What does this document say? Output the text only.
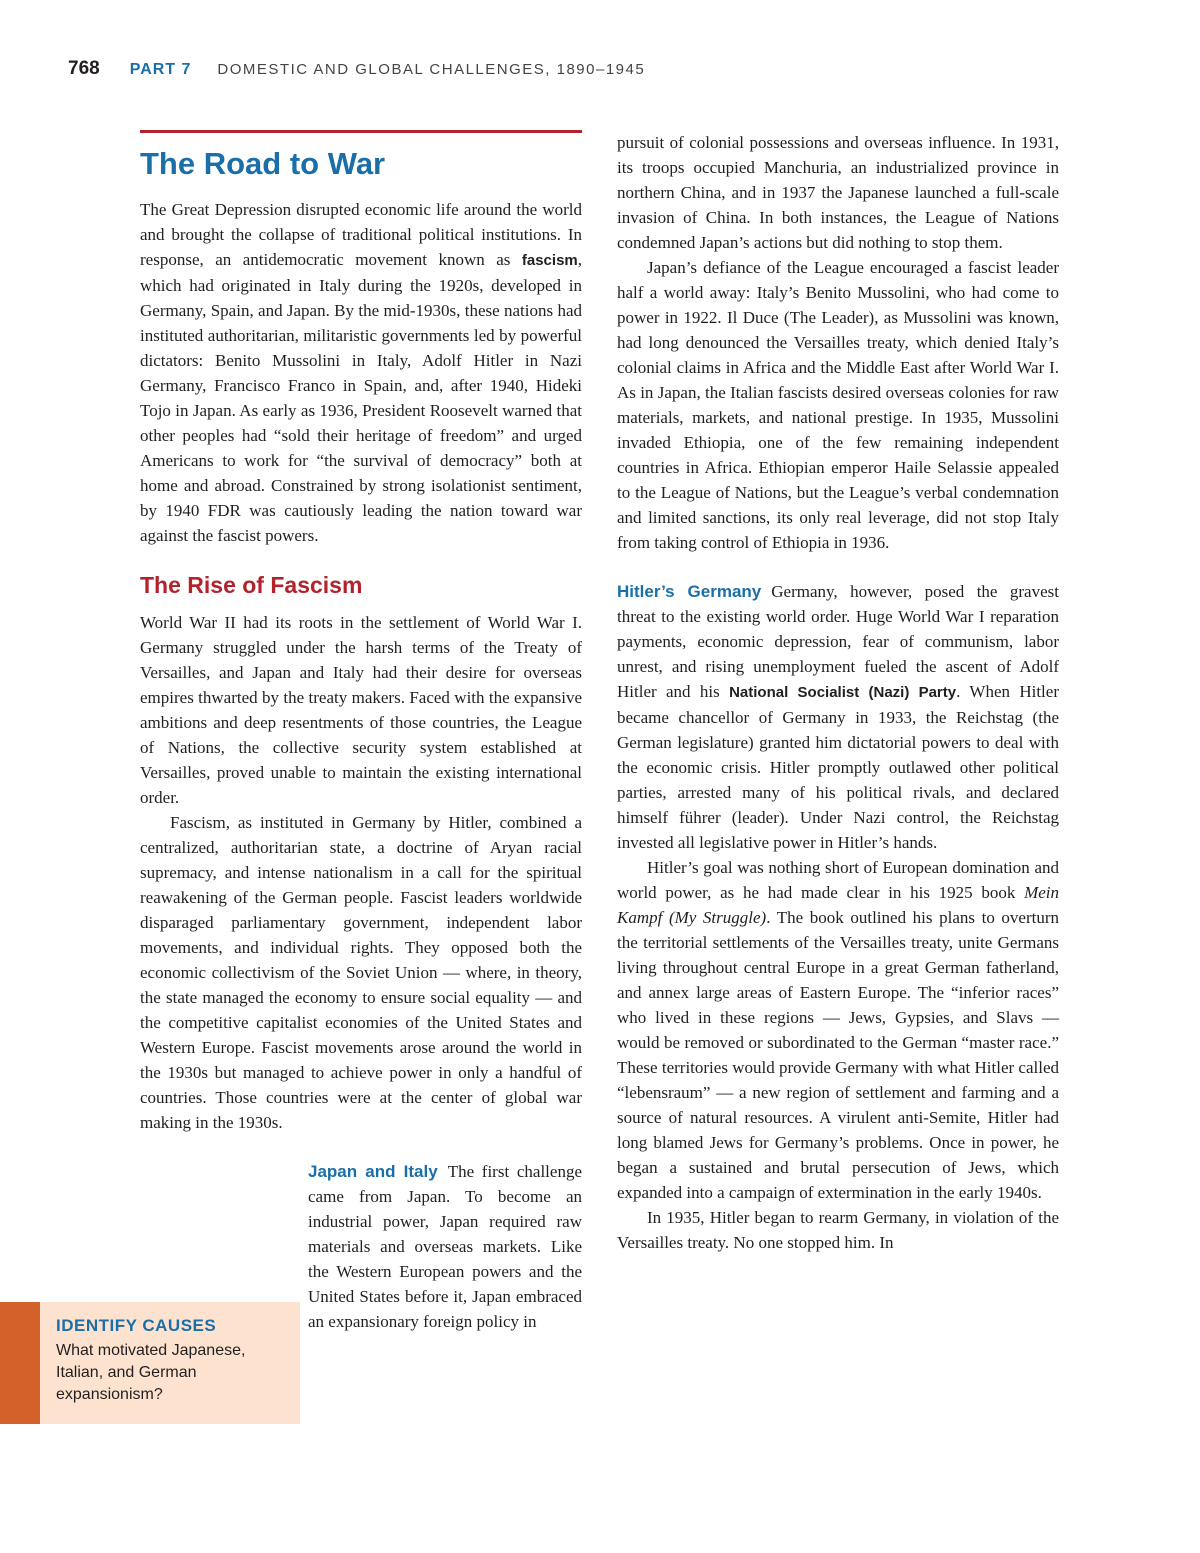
768 PART 7 DOMESTIC AND GLOBAL CHALLENGES, 1890–1945
The Road to War

The Great Depression disrupted economic life around the world and brought the collapse of traditional political institutions. In response, an antidemocratic movement known as fascism, which had originated in Italy during the 1920s, developed in Germany, Spain, and Japan. By the mid-1930s, these nations had instituted authoritarian, militaristic governments led by powerful dictators: Benito Mussolini in Italy, Adolf Hitler in Nazi Germany, Francisco Franco in Spain, and, after 1940, Hideki Tojo in Japan. As early as 1936, President Roosevelt warned that other peoples had “sold their heritage of freedom” and urged Americans to work for “the survival of democracy” both at home and abroad. Constrained by strong isolationist sentiment, by 1940 FDR was cautiously leading the nation toward war against the fascist powers.

The Rise of Fascism

World War II had its roots in the settlement of World War I. Germany struggled under the harsh terms of the Treaty of Versailles, and Japan and Italy had their desire for overseas empires thwarted by the treaty makers. Faced with the expansive ambitions and deep resentments of those countries, the League of Nations, the collective security system established at Versailles, proved unable to maintain the existing international order.

Fascism, as instituted in Germany by Hitler, combined a centralized, authoritarian state, a doctrine of Aryan racial supremacy, and intense nationalism in a call for the spiritual reawakening of the German people. Fascist leaders worldwide disparaged parliamentary government, independent labor movements, and individual rights. They opposed both the economic collectivism of the Soviet Union — where, in theory, the state managed the economy to ensure social equality — and the competitive capitalist economies of the United States and Western Europe. Fascist movements arose around the world in the 1930s but managed to achieve power in only a handful of countries. Those countries were at the center of global war making in the 1930s.

Japan and Italy The first challenge came from Japan. To become an industrial power, Japan required raw materials and overseas markets. Like the Western European powers and the United States before it, Japan embraced an expansionary foreign policy in

IDENTIFY CAUSES
What motivated Japanese, Italian, and German expansionism?

pursuit of colonial possessions and overseas influence. In 1931, its troops occupied Manchuria, an industrialized province in northern China, and in 1937 the Japanese launched a full-scale invasion of China. In both instances, the League of Nations condemned Japan’s actions but did nothing to stop them.

Japan’s defiance of the League encouraged a fascist leader half a world away: Italy’s Benito Mussolini, who had come to power in 1922. Il Duce (The Leader), as Mussolini was known, had long denounced the Versailles treaty, which denied Italy’s colonial claims in Africa and the Middle East after World War I. As in Japan, the Italian fascists desired overseas colonies for raw materials, markets, and national prestige. In 1935, Mussolini invaded Ethiopia, one of the few remaining independent countries in Africa. Ethiopian emperor Haile Selassie appealed to the League of Nations, but the League’s verbal condemnation and limited sanctions, its only real leverage, did not stop Italy from taking control of Ethiopia in 1936.

Hitler’s Germany Germany, however, posed the gravest threat to the existing world order. Huge World War I reparation payments, economic depression, fear of communism, labor unrest, and rising unemployment fueled the ascent of Adolf Hitler and his National Socialist (Nazi) Party. When Hitler became chancellor of Germany in 1933, the Reichstag (the German legislature) granted him dictatorial powers to deal with the economic crisis. Hitler promptly outlawed other political parties, arrested many of his political rivals, and declared himself führer (leader). Under Nazi control, the Reichstag invested all legislative power in Hitler’s hands.

Hitler’s goal was nothing short of European domination and world power, as he had made clear in his 1925 book Mein Kampf (My Struggle). The book outlined his plans to overturn the territorial settlements of the Versailles treaty, unite Germans living throughout central Europe in a great German fatherland, and annex large areas of Eastern Europe. The “inferior races” who lived in these regions — Jews, Gypsies, and Slavs — would be removed or subordinated to the German “master race.” These territories would provide Germany with what Hitler called “lebensraum” — a new region of settlement and farming and a source of natural resources. A virulent anti-Semite, Hitler had long blamed Jews for Germany’s problems. Once in power, he began a sustained and brutal persecution of Jews, which expanded into a campaign of extermination in the early 1940s.

In 1935, Hitler began to rearm Germany, in violation of the Versailles treaty. No one stopped him. In
